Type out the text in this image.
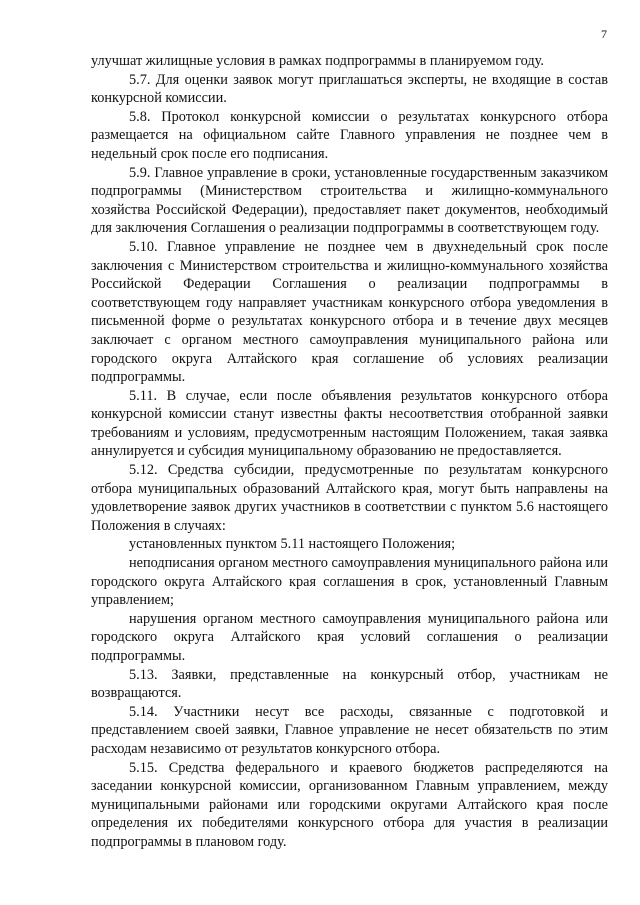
7

улучшат жилищные условия в рамках подпрограммы в планируемом году.

5.7. Для оценки заявок могут приглашаться эксперты, не входящие в состав конкурсной комиссии.

5.8. Протокол конкурсной комиссии о результатах конкурсного отбора размещается на официальном сайте Главного управления не позднее чем в недельный срок после его подписания.

5.9. Главное управление в сроки, установленные государственным заказчиком подпрограммы (Министерством строительства и жилищно-коммунального хозяйства Российской Федерации), предоставляет пакет документов, необходимый для заключения Соглашения о реализации подпрограммы в соответствующем году.

5.10. Главное управление не позднее чем в двухнедельный срок после заключения с Министерством строительства и жилищно-коммунального хозяйства Российской Федерации Соглашения о реализации подпрограммы в соответствующем году направляет участникам конкурсного отбора уведомления в письменной форме о результатах конкурсного отбора и в течение двух месяцев заключает с органом местного самоуправления муниципального района или городского округа Алтайского края соглашение об условиях реализации подпрограммы.

5.11. В случае, если после объявления результатов конкурсного отбора конкурсной комиссии станут известны факты несоответствия отобранной заявки требованиям и условиям, предусмотренным настоящим Положением, такая заявка аннулируется и субсидия муниципальному образованию не предоставляется.

5.12. Средства субсидии, предусмотренные по результатам конкурсного отбора муниципальных образований Алтайского края, могут быть направлены на удовлетворение заявок других участников в соответствии с пунктом 5.6 настоящего Положения в случаях:

установленных пунктом 5.11 настоящего Положения;

неподписания органом местного самоуправления муниципального района или городского округа Алтайского края соглашения в срок, установленный Главным управлением;

нарушения органом местного самоуправления муниципального района или городского округа Алтайского края условий соглашения о реализации подпрограммы.

5.13. Заявки, представленные на конкурсный отбор, участникам не возвращаются.

5.14. Участники несут все расходы, связанные с подготовкой и представлением своей заявки, Главное управление не несет обязательств по этим расходам независимо от результатов конкурсного отбора.

5.15. Средства федерального и краевого бюджетов распределяются на заседании конкурсной комиссии, организованном Главным управлением, между муниципальными районами или городскими округами Алтайского края после определения их победителями конкурсного отбора для участия в реализации подпрограммы в плановом году.
